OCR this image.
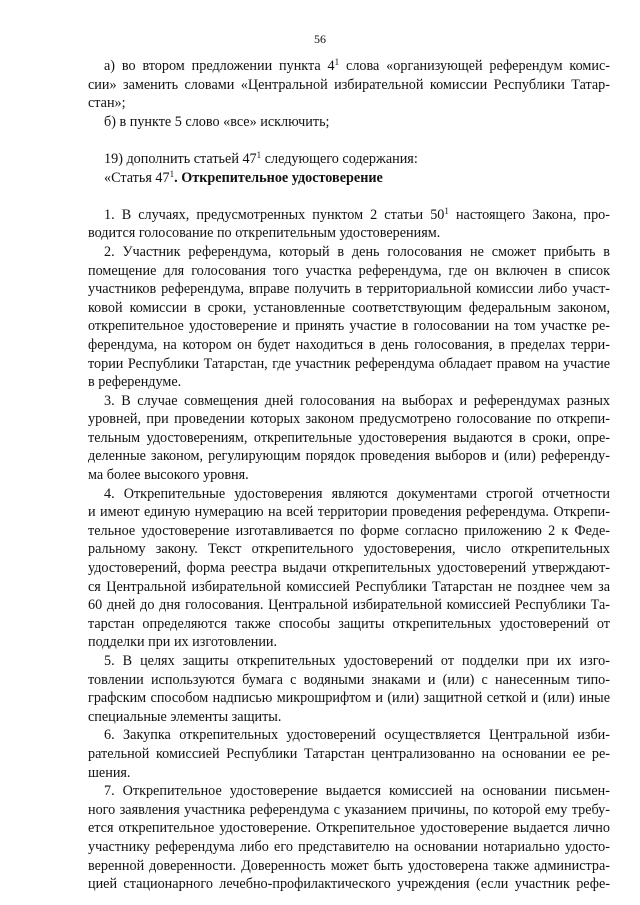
56
а) во втором предложении пункта $4^1$ слова «организующей референдум комис-
сии» заменить словами «Центральной избирательной комиссии Республики Татар-
стан»;
б) в пункте 5 слово «все» исключить;
19) дополнить статьей $47^1$ следующего содержания:
«Статья $47^1$. Открепительное удостоверение
1. В случаях, предусмотренных пунктом 2 статьи $50^1$ настоящего Закона, про-
водится голосование по открепительным удостоверениям.
2. Участник референдума, который в день голосования не сможет прибыть в
помещение для голосования того участка референдума, где он включен в список
участников референдума, вправе получить в территориальной комиссии либо участ-
ковой комиссии в сроки, установленные соответствующим федеральным законом,
открепительное удостоверение и принять участие в голосовании на том участке ре-
ферендума, на котором он будет находиться в день голосования, в пределах терри-
тории Республики Татарстан, где участник референдума обладает правом на участие
в референдуме.
3. В случае совмещения дней голосования на выборах и референдумах разных
уровней, при проведении которых законом предусмотрено голосование по открепи-
тельным удостоверениям, открепительные удостоверения выдаются в сроки, опре-
деленные законом, регулирующим порядок проведения выборов и (или) референду-
ма более высокого уровня.
4. Открепительные удостоверения являются документами строгой отчетности
и имеют единую нумерацию на всей территории проведения референдума. Открепи-
тельное удостоверение изготавливается по форме согласно приложению 2 к Феде-
ральному закону. Текст открепительного удостоверения, число открепительных
удостоверений, форма реестра выдачи открепительных удостоверений утверждают-
ся Центральной избирательной комиссией Республики Татарстан не позднее чем за
60 дней до дня голосования. Центральной избирательной комиссией Республики Та-
тарстан определяются также способы защиты открепительных удостоверений от
подделки при их изготовлении.
5. В целях защиты открепительных удостоверений от подделки при их изго-
товлении используются бумага с водяными знаками и (или) с нанесенным типо-
графским способом надписью микрошрифтом и (или) защитной сеткой и (или) иные
специальные элементы защиты.
6. Закупка открепительных удостоверений осуществляется Центральной изби-
рательной комиссией Республики Татарстан централизованно на основании ее ре-
шения.
7. Открепительное удостоверение выдается комиссией на основании письмен-
ного заявления участника референдума с указанием причины, по которой ему требу-
ется открепительное удостоверение. Открепительное удостоверение выдается лично
участнику референдума либо его представителю на основании нотариально удосто-
веренной доверенности. Доверенность может быть удостоверена также администра-
цией стационарного лечебно-профилактического учреждения (если участник рефе-
